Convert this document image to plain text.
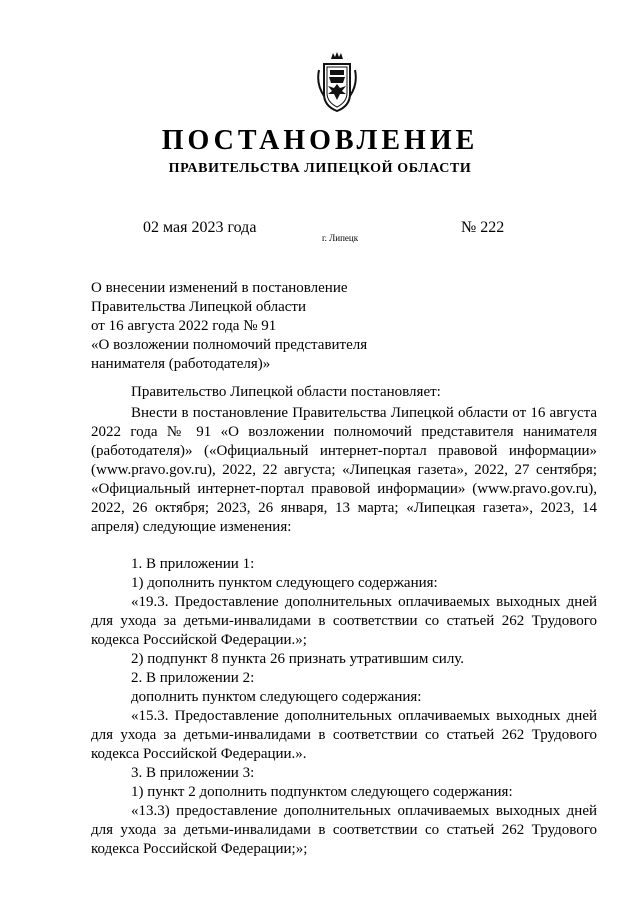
ПОСТАНОВЛЕНИЕ
ПРАВИТЕЛЬСТВА ЛИПЕЦКОЙ ОБЛАСТИ
02 мая 2023 года
г. Липецк
№ 222
О внесении изменений в постановление
Правительства Липецкой области
от 16 августа 2022 года № 91
«О возложении полномочий представителя
нанимателя (работодателя)»
Правительство Липецкой области постановляет:

Внести в постановление Правительства Липецкой области от 16 августа 2022 года № 91 «О возложении полномочий представителя нанимателя (работодателя)» («Официальный интернет-портал правовой информации» (www.pravo.gov.ru), 2022, 22 августа; «Липецкая газета», 2022, 27 сентября; «Официальный интернет-портал правовой информации» (www.pravo.gov.ru), 2022, 26 октября; 2023, 26 января, 13 марта; «Липецкая газета», 2023, 14 апреля) следующие изменения:

1. В приложении 1:

1) дополнить пунктом следующего содержания:

«19.3. Предоставление дополнительных оплачиваемых выходных дней для ухода за детьми-инвалидами в соответствии со статьей 262 Трудового кодекса Российской Федерации.»;

2) подпункт 8 пункта 26 признать утратившим силу.

2. В приложении 2:

дополнить пунктом следующего содержания:

«15.3. Предоставление дополнительных оплачиваемых выходных дней для ухода за детьми-инвалидами в соответствии со статьей 262 Трудового кодекса Российской Федерации.».

3. В приложении 3:

1) пункт 2 дополнить подпунктом следующего содержания:

«13.3) предоставление дополнительных оплачиваемых выходных дней для ухода за детьми-инвалидами в соответствии со статьей 262 Трудового кодекса Российской Федерации;»;
